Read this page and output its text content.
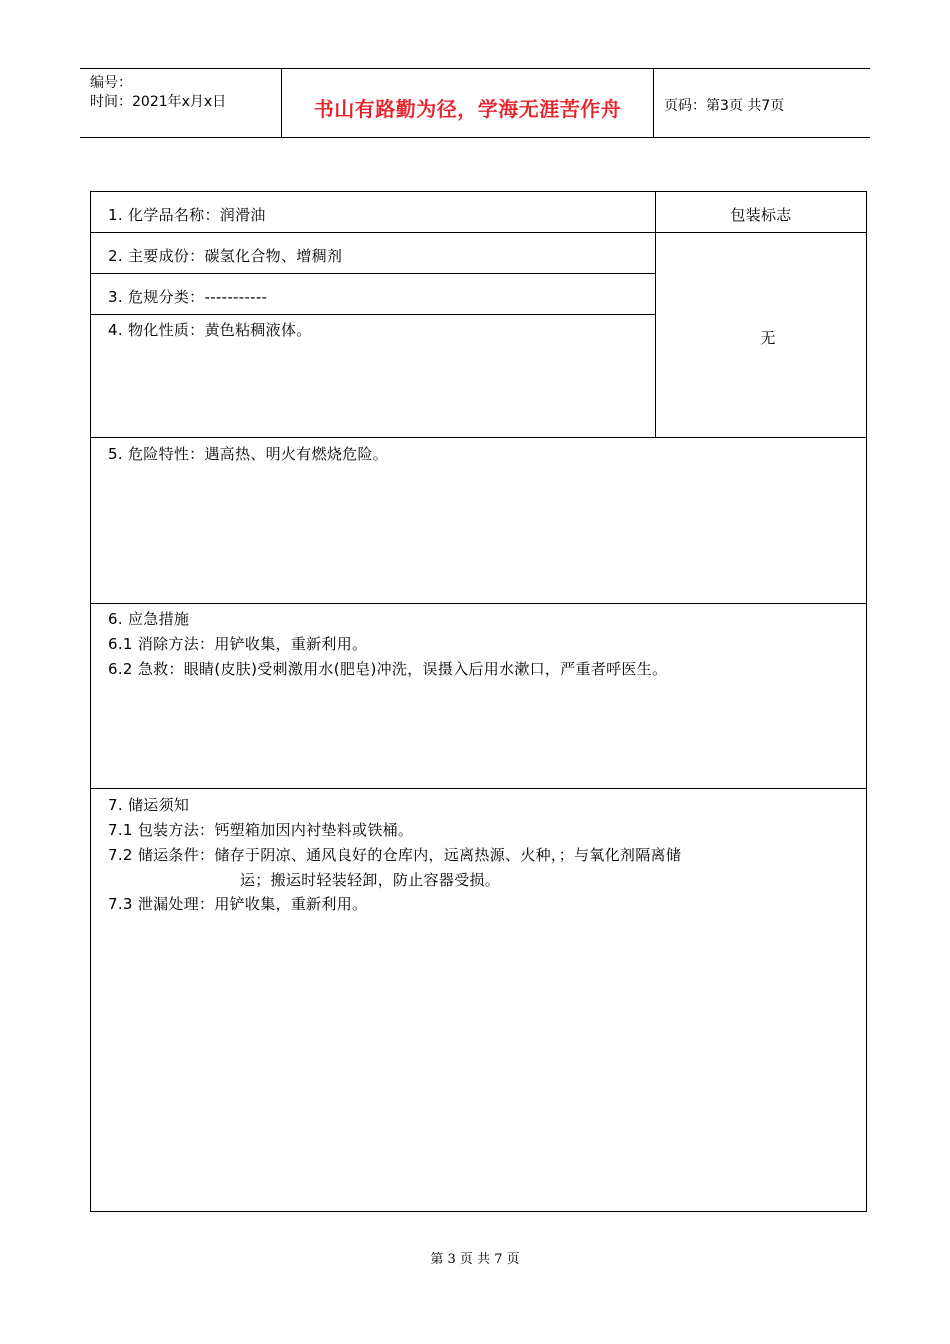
编号：
时间：2021年x月x日	书山有路勤为径，学海无涯苦作舟	页码：第3页 共7页
包装标志
无
1. 化学品名称：润滑油
2. 主要成份：碳氢化合物、增稠剂
3. 危规分类：-----------
4. 物化性质：黄色粘稠液体。
5. 危险特性：遇高热、明火有燃烧危险。
6. 应急措施
6.1 消除方法：用铲收集，重新利用。
6.2 急救：眼睛(皮肤)受刺激用水(肥皂)冲洗，误摄入后用水漱口，严重者呼医生。
7. 储运须知
7.1 包装方法：钙塑箱加因内衬垫料或铁桶。
7.2 储运条件：储存于阴凉、通风良好的仓库内，远离热源、火种，；与氧化剂隔离储
运；搬运时轻装轻卸，防止容器受损。
7.3 泄漏处理：用铲收集，重新利用。
第 3 页 共 7 页
